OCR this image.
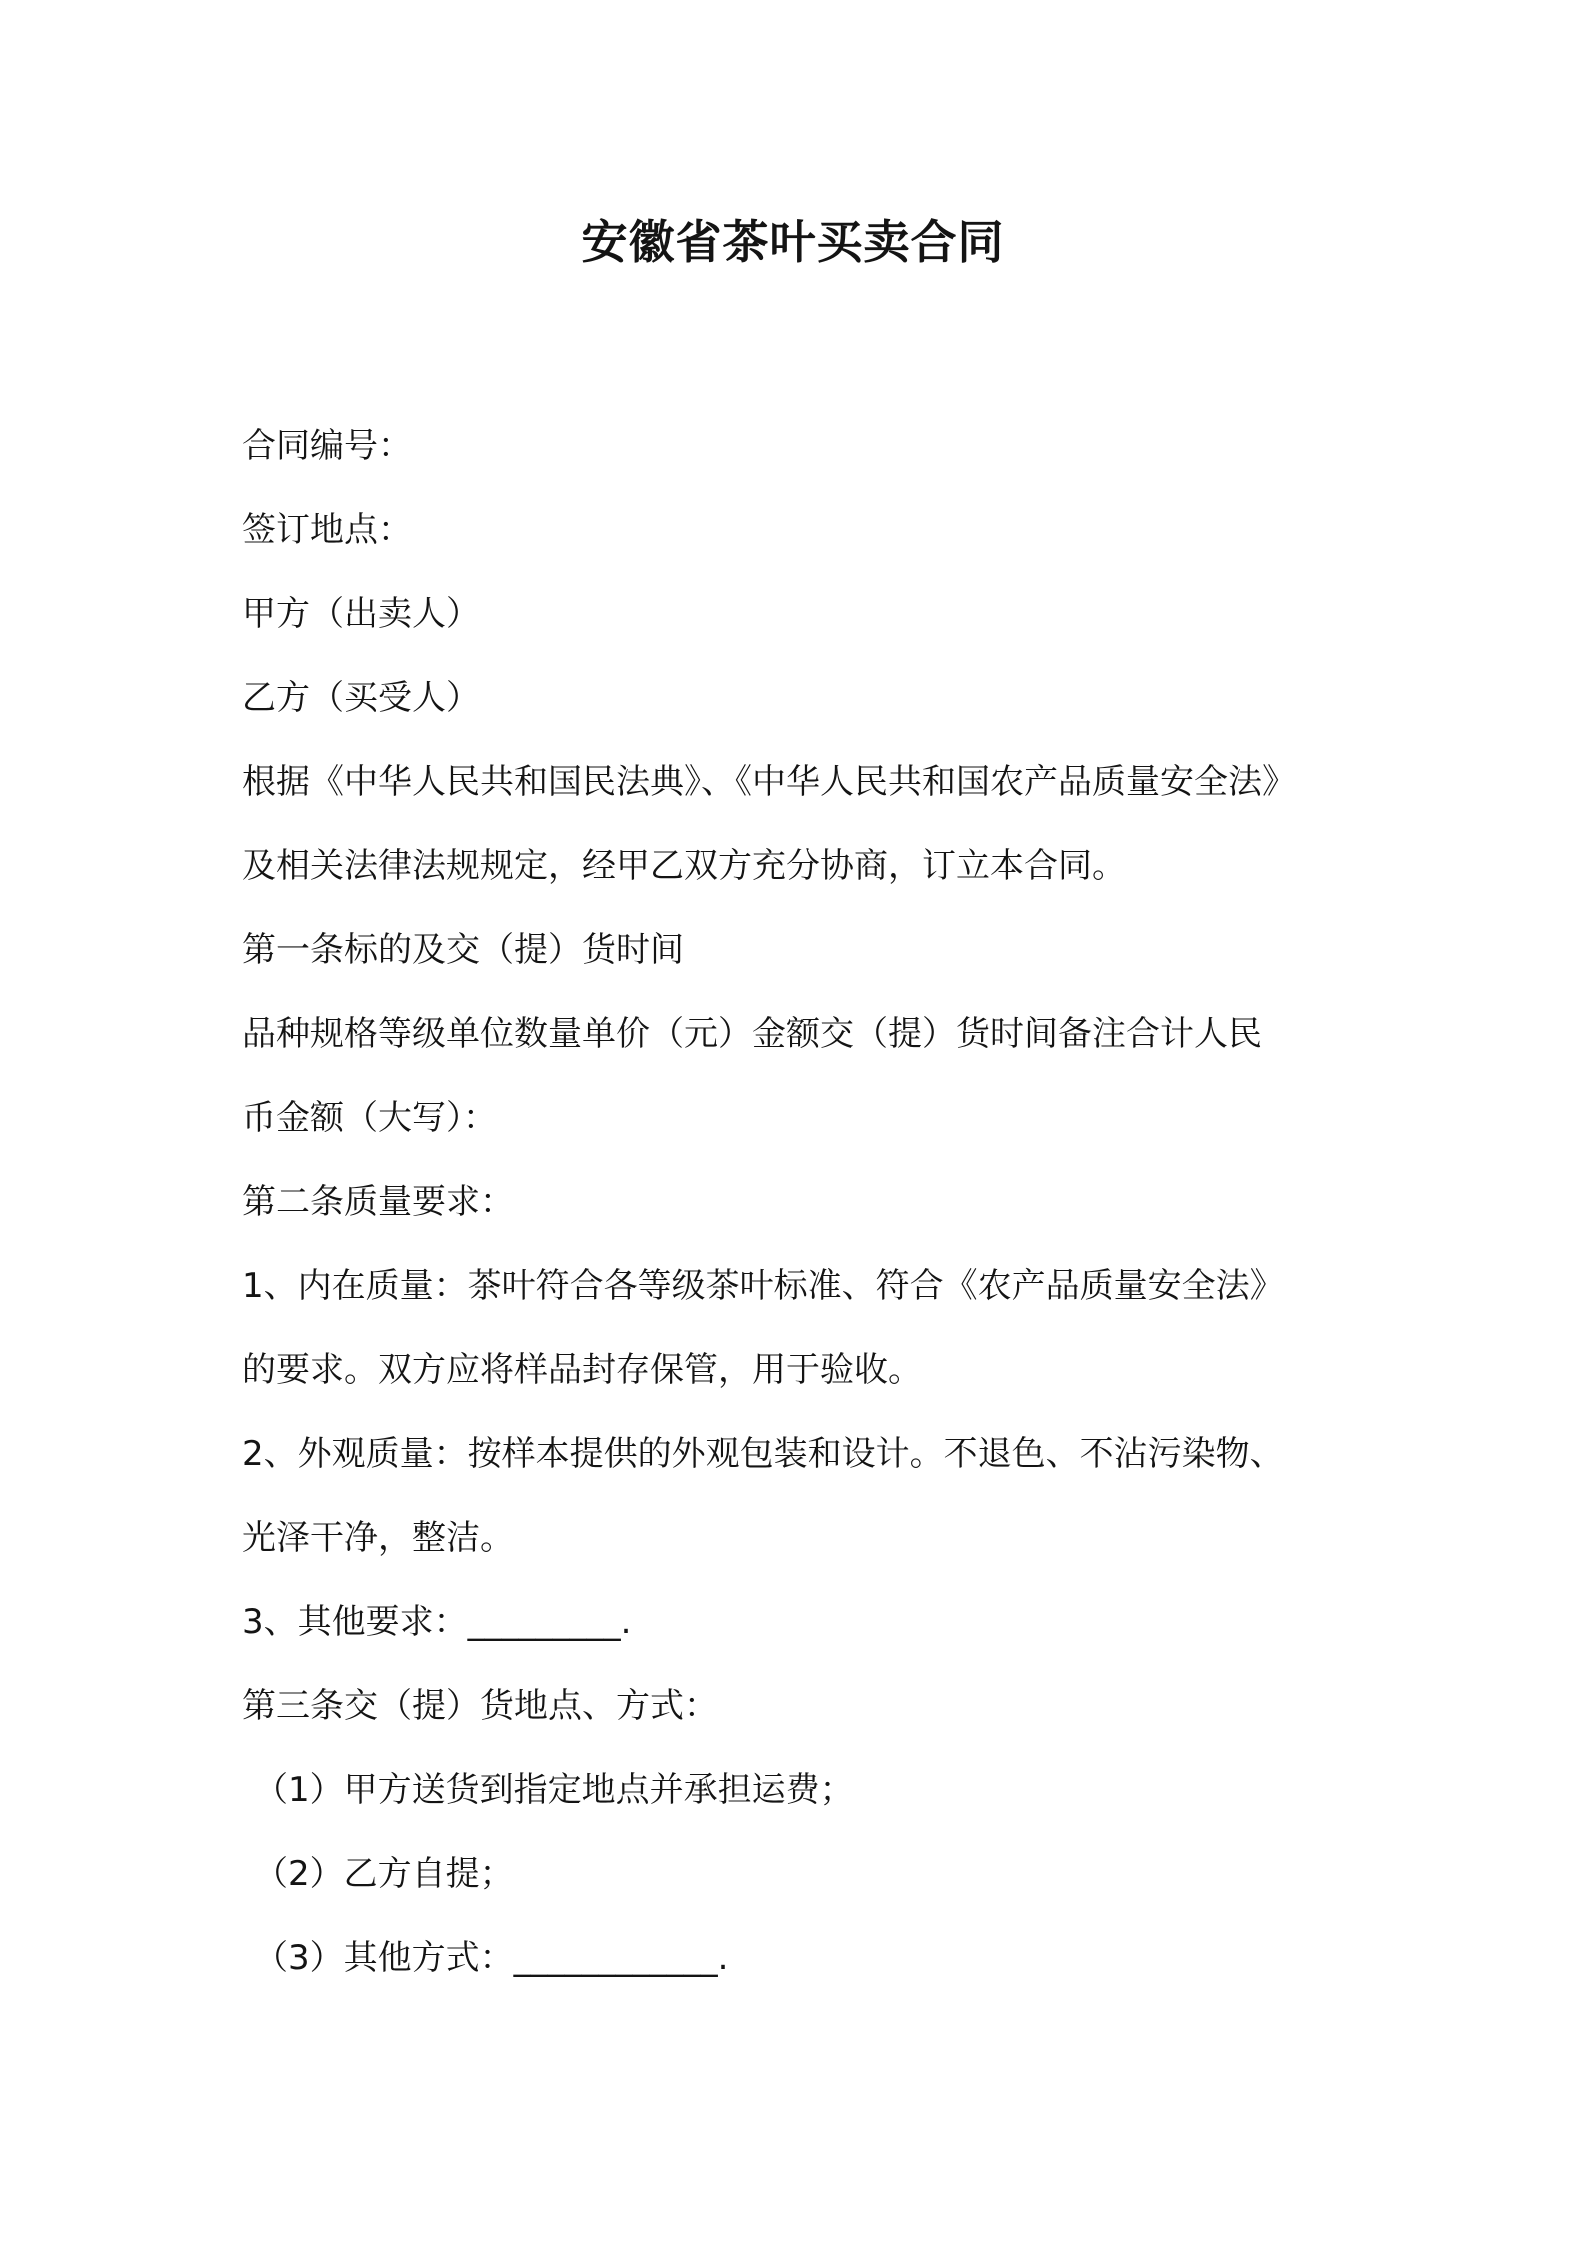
安徽省茶叶买卖合同
合同编号：
签订地点：
甲方（出卖人）
乙方（买受人）
根据《中华人民共和国民法典》、《中华人民共和国农产品质量安全法》
及相关法律法规规定，经甲乙双方充分协商，订立本合同。
第一条标的及交（提）货时间
品种规格等级单位数量单价（元）金额交（提）货时间备注合计人民
币金额（大写）：
第二条质量要求：
1、内在质量：茶叶符合各等级茶叶标准、符合《农产品质量安全法》
的要求。双方应将样品封存保管，用于验收。
2、外观质量：按样本提供的外观包装和设计。不退色、不沾污染物、
光泽干净，整洁。
3、其他要求：_________.
第三条交（提）货地点、方式：
（1）甲方送货到指定地点并承担运费；
（2）乙方自提；
（3）其他方式：____________.
